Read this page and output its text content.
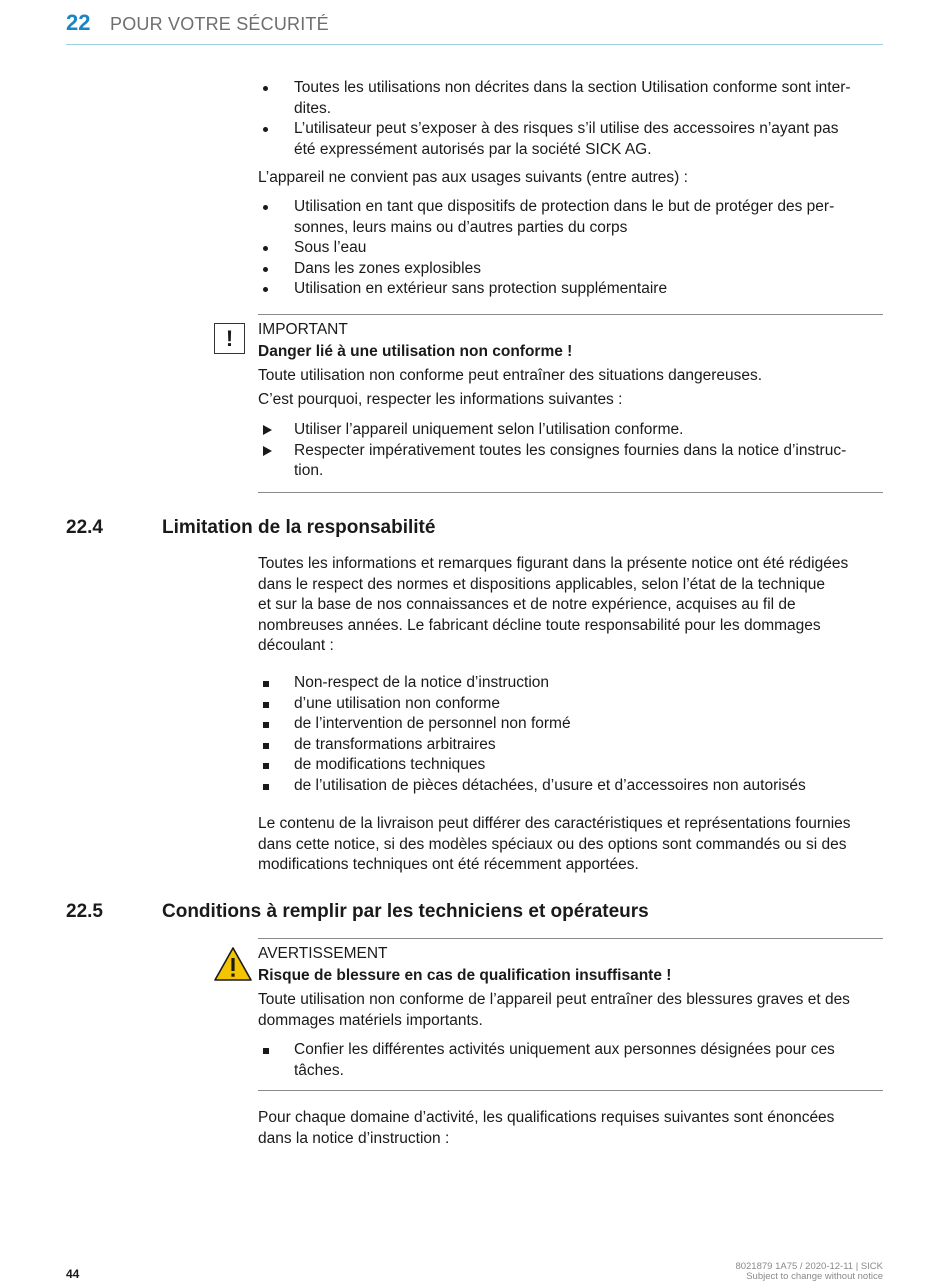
22 POUR VOTRE SÉCURITÉ
Toutes les utilisations non décrites dans la section Utilisation conforme sont inter-
dites.
L’utilisateur peut s’exposer à des risques s’il utilise des accessoires n’ayant pas
été expressément autorisés par la société SICK AG.

L’appareil ne convient pas aux usages suivants (entre autres) :

Utilisation en tant que dispositifs de protection dans le but de protéger des per-
sonnes, leurs mains ou d’autres parties du corps
Sous l’eau
Dans les zones explosibles
Utilisation en extérieur sans protection supplémentaire
!	IMPORTANT

Danger lié à une utilisation non conforme !

Toute utilisation non conforme peut entraîner des situations dangereuses.

C’est pourquoi, respecter les informations suivantes :

Utiliser l’appareil uniquement selon l’utilisation conforme.
Respecter impérativement toutes les consignes fournies dans la notice d’instruc-
tion.
22.4	Limitation de la responsabilité
Toutes les informations et remarques figurant dans la présente notice ont été rédigées
dans le respect des normes et dispositions applicables, selon l’état de la technique
et sur la base de nos connaissances et de notre expérience, acquises au fil de
nombreuses années. Le fabricant décline toute responsabilité pour les dommages
découlant :
Non-respect de la notice d’instruction
d’une utilisation non conforme
de l’intervention de personnel non formé
de transformations arbitraires
de modifications techniques
de l’utilisation de pièces détachées, d’usure et d’accessoires non autorisés
Le contenu de la livraison peut différer des caractéristiques et représentations fournies
dans cette notice, si des modèles spéciaux ou des options sont commandés ou si des
modifications techniques ont été récemment apportées.
22.5	Conditions à remplir par les techniciens et opérateurs

AVERTISSEMENT

Risque de blessure en cas de qualification insuffisante !

Toute utilisation non conforme de l’appareil peut entraîner des blessures graves et des
dommages matériels importants.

Confier les différentes activités uniquement aux personnes désignées pour ces
tâches.
Pour chaque domaine d’activité, les qualifications requises suivantes sont énoncées
dans la notice d’instruction :
44
8021879 1A75 / 2020-12-11 | SICK
Subject to change without notice
